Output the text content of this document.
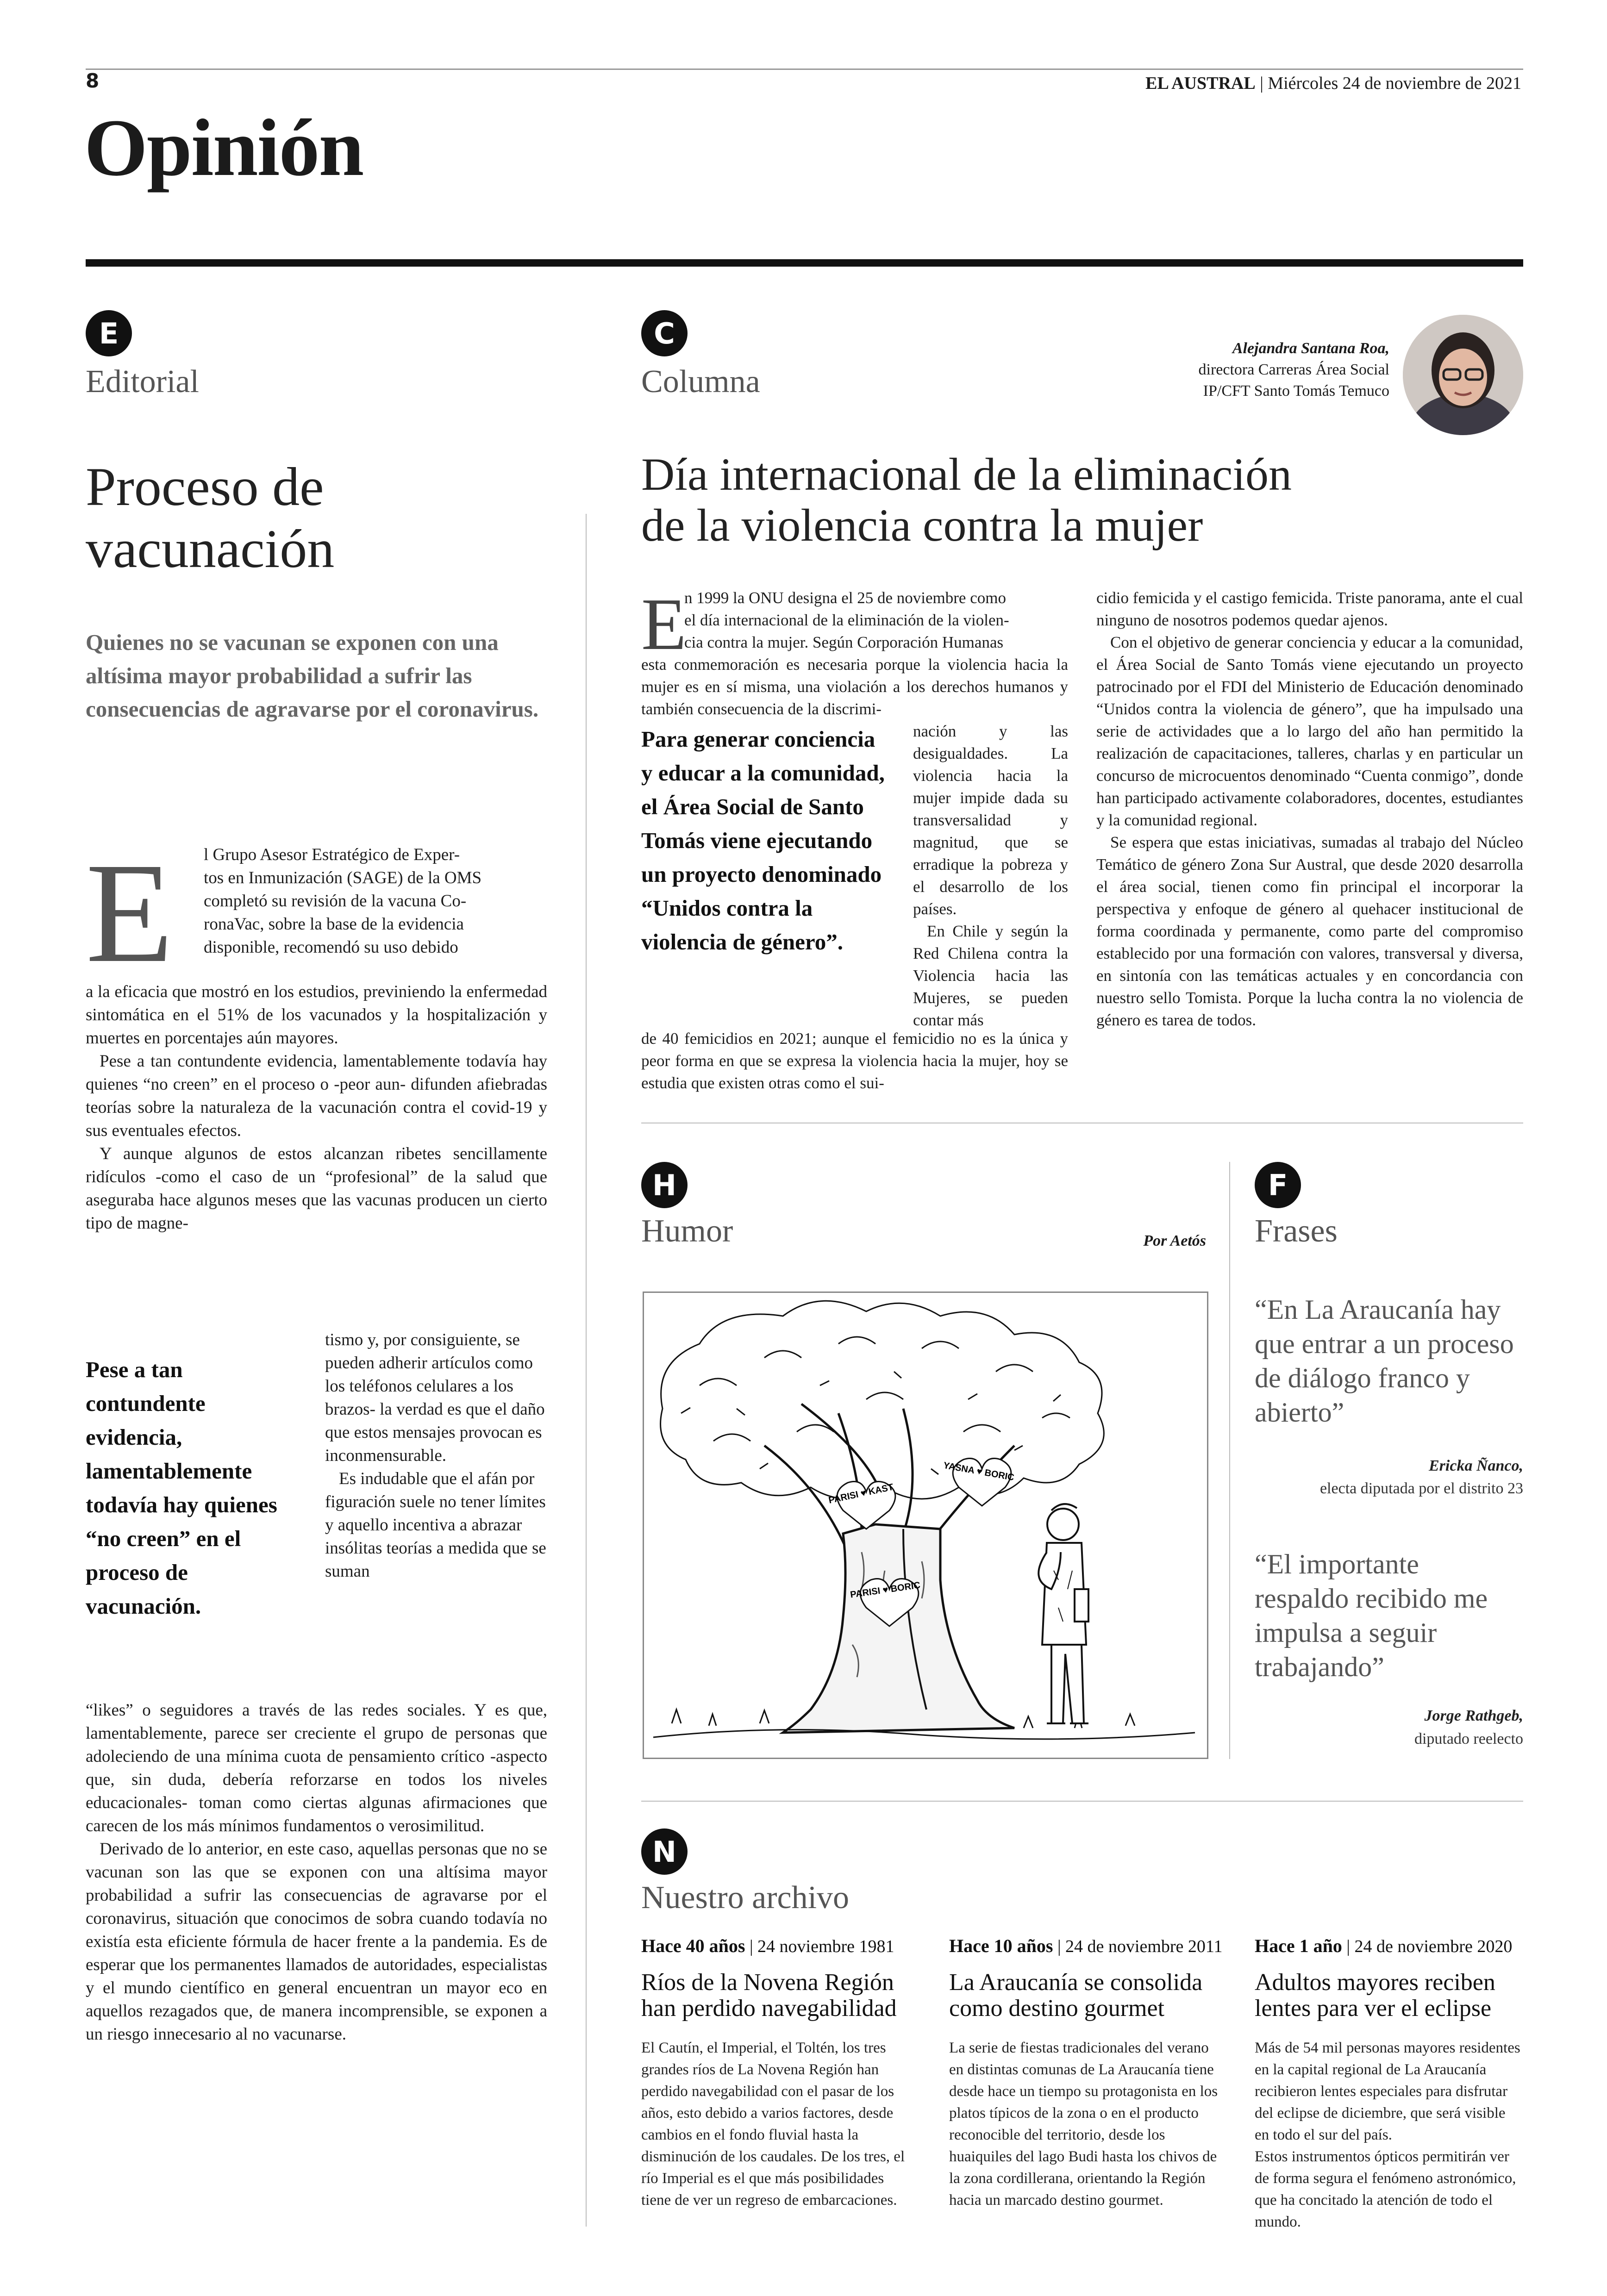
8	EL AUSTRAL | Miércoles 24 de noviembre de 2021
Opinión
E
Editorial
Proceso de vacunación
Quienes no se vacunan se exponen con una altísima mayor probabilidad a sufrir las consecuencias de agravarse por el coronavirus.
E l Grupo Asesor Estratégico de Exper-
tos en Inmunización (SAGE) de la OMS
completó su revisión de la vacuna Co-
ronaVac, sobre la base de la evidencia
disponible, recomendó su uso debido

a la eficacia que mostró en los estudios, previniendo la enfermedad sintomática en el 51% de los vacunados y la hospitalización y muertes en porcentajes aún mayores.

Pese a tan contundente evidencia, lamentablemente todavía hay quienes “no creen” en el proceso o -peor aun- difunden afiebradas teorías sobre la naturaleza de la vacunación contra el covid-19 y sus eventuales efectos.

Y aunque algunos de estos alcanzan ribetes sencillamente ridículos -como el caso de un “profesional” de la salud que aseguraba hace algunos meses que las vacunas producen un cierto tipo de magne-

Pese a tan contundente evidencia, lamentablemente todavía hay quienes “no creen” en el proceso de vacunación.

tismo y, por consiguiente, se pueden adherir artículos como los teléfonos celulares a los brazos- la verdad es que el daño que estos mensajes provocan es inconmensurable.

Es indudable que el afán por figuración suele no tener límites y aquello incentiva a abrazar insólitas teorías a medida que se suman

“likes” o seguidores a través de las redes sociales. Y es que, lamentablemente, parece ser creciente el grupo de personas que adoleciendo de una mínima cuota de pensamiento crítico -aspecto que, sin duda, debería reforzarse en todos los niveles educacionales- toman como ciertas algunas afirmaciones que carecen de los más mínimos fundamentos o verosimilitud.

Derivado de lo anterior, en este caso, aquellas personas que no se vacunan son las que se exponen con una altísima mayor probabilidad a sufrir las consecuencias de agravarse por el coronavirus, situación que conocimos de sobra cuando todavía no existía esta eficiente fórmula de hacer frente a la pandemia. Es de esperar que los permanentes llamados de autoridades, especialistas y el mundo científico en general encuentran un mayor eco en aquellos rezagados que, de manera incomprensible, se exponen a un riesgo innecesario al no vacunarse.

C
Columna
Alejandra Santana Roa,
directora Carreras Área Social
IP/CFT Santo Tomás Temuco
Día internacional de la eliminación de la violencia contra la mujer
E
n 1999 la ONU designa el 25 de noviembre como
el día internacional de la eliminación de la violen-
cia contra la mujer. Según Corporación Humanas

esta conmemoración es necesaria porque la violencia hacia la mujer es en sí misma, una violación a los derechos humanos y también consecuencia de la discrimi-

Para generar conciencia y educar a la comunidad, el Área Social de Santo Tomás viene ejecutando un proyecto denominado “Unidos contra la violencia de género”.

nación y las desigualdades. La violencia hacia la mujer impide dada su transversalidad y magnitud, que se erradique la pobreza y el desarrollo de los países.

En Chile y según la Red Chilena contra la Violencia hacia las Mujeres, se pueden contar más

de 40 femicidios en 2021; aunque el femicidio no es la única y peor forma en que se expresa la violencia hacia la mujer, hoy se estudia que existen otras como el sui-

cidio femicida y el castigo femicida. Triste panorama, ante el cual ninguno de nosotros podemos quedar ajenos.

Con el objetivo de generar conciencia y educar a la comunidad, el Área Social de Santo Tomás viene ejecutando un proyecto patrocinado por el FDI del Ministerio de Educación denominado “Unidos contra la violencia de género”, que ha impulsado una serie de actividades que a lo largo del año han permitido la realización de capacitaciones, talleres, charlas y en particular un concurso de microcuentos denominado “Cuenta conmigo”, donde han participado activamente colaboradores, docentes, estudiantes y la comunidad regional.

Se espera que estas iniciativas, sumadas al trabajo del Núcleo Temático de género Zona Sur Austral, que desde 2020 desarrolla el área social, tienen como fin principal el incorporar la perspectiva y enfoque de género al quehacer institucional de forma coordinada y permanente, como parte del compromiso establecido por una formación con valores, transversal y diversa, en sintonía con las temáticas actuales y en concordancia con nuestro sello Tomista. Porque la lucha contra la no violencia de género es tarea de todos.

H
Humor	Por Aetós
PARISI ♥ KAST
YASNA ♥ BORIC
PARISI ♥ BORIC
F
Frases
“En La Araucanía hay que entrar a un proceso de diálogo franco y abierto”
Ericka Ñanco,
electa diputada por el distrito 23
“El importante respaldo recibido me impulsa a seguir trabajando”
Jorge Rathgeb,
diputado reelecto
N
Nuestro archivo
Hace 40 años | 24 noviembre 1981
Ríos de la Novena Región han perdido navegabilidad
El Cautín, el Imperial, el Toltén, los tres grandes ríos de La Novena Región han perdido navegabilidad con el pasar de los años, esto debido a varios factores, desde cambios en el fondo fluvial hasta la disminución de los caudales. De los tres, el río Imperial es el que más posibilidades tiene de ver un regreso de embarcaciones.
Hace 10 años | 24 de noviembre 2011
La Araucanía se consolida como destino gourmet
La serie de fiestas tradicionales del verano en distintas comunas de La Araucanía tiene desde hace un tiempo su protagonista en los platos típicos de la zona o en el producto reconocible del territorio, desde los huaiquiles del lago Budi hasta los chivos de la zona cordillerana, orientando la Región hacia un marcado destino gourmet.
Hace 1 año | 24 de noviembre 2020
Adultos mayores reciben lentes para ver el eclipse
Más de 54 mil personas mayores residentes en la capital regional de La Araucanía recibieron lentes especiales para disfrutar del eclipse de diciembre, que será visible en todo el sur del país.
Estos instrumentos ópticos permitirán ver de forma segura el fenómeno astronómico, que ha concitado la atención de todo el mundo.
